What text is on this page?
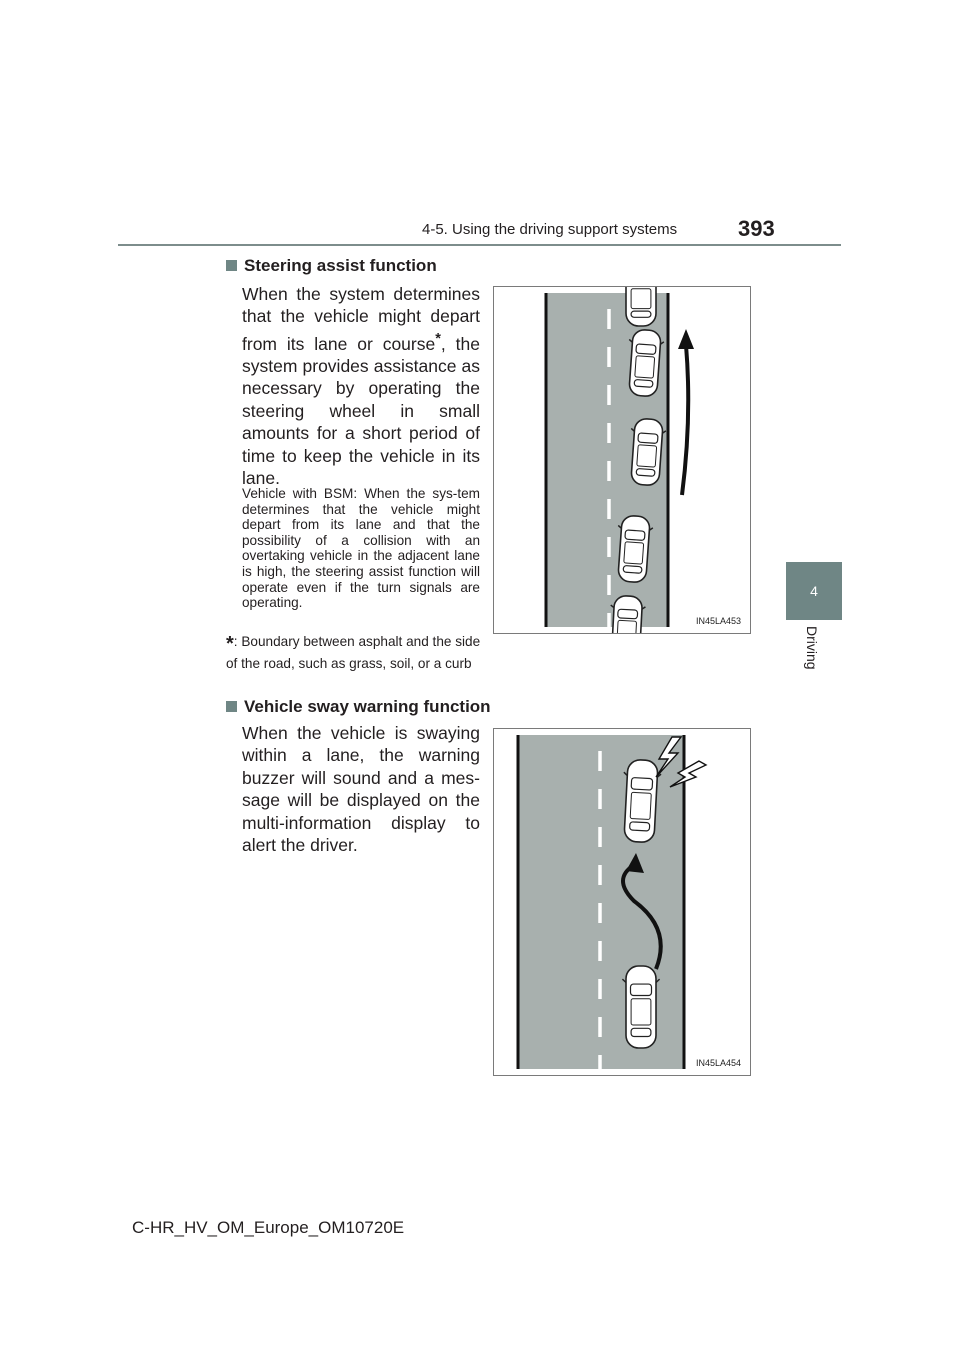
4-5. Using the driving support systems	393
4
Driving
Steering assist function
When the system determines that the vehicle might depart from its lane or course*, the system provides assistance as necessary by operating the steering wheel in small amounts for a short period of time to keep the vehicle in its lane.
Vehicle with BSM: When the sys-tem determines that the vehicle might depart from its lane and that the possibility of a collision with an overtaking vehicle in the adjacent lane is high, the steering assist function will operate even if the turn signals are operating.
*: Boundary between asphalt and the side of the road, such as grass, soil, or a curb
IN45LA453
Vehicle sway warning function
When the vehicle is swaying within a lane, the warning buzzer will sound and a mes-sage will be displayed on the multi-information display to alert the driver.
IN45LA454
C-HR_HV_OM_Europe_OM10720E
